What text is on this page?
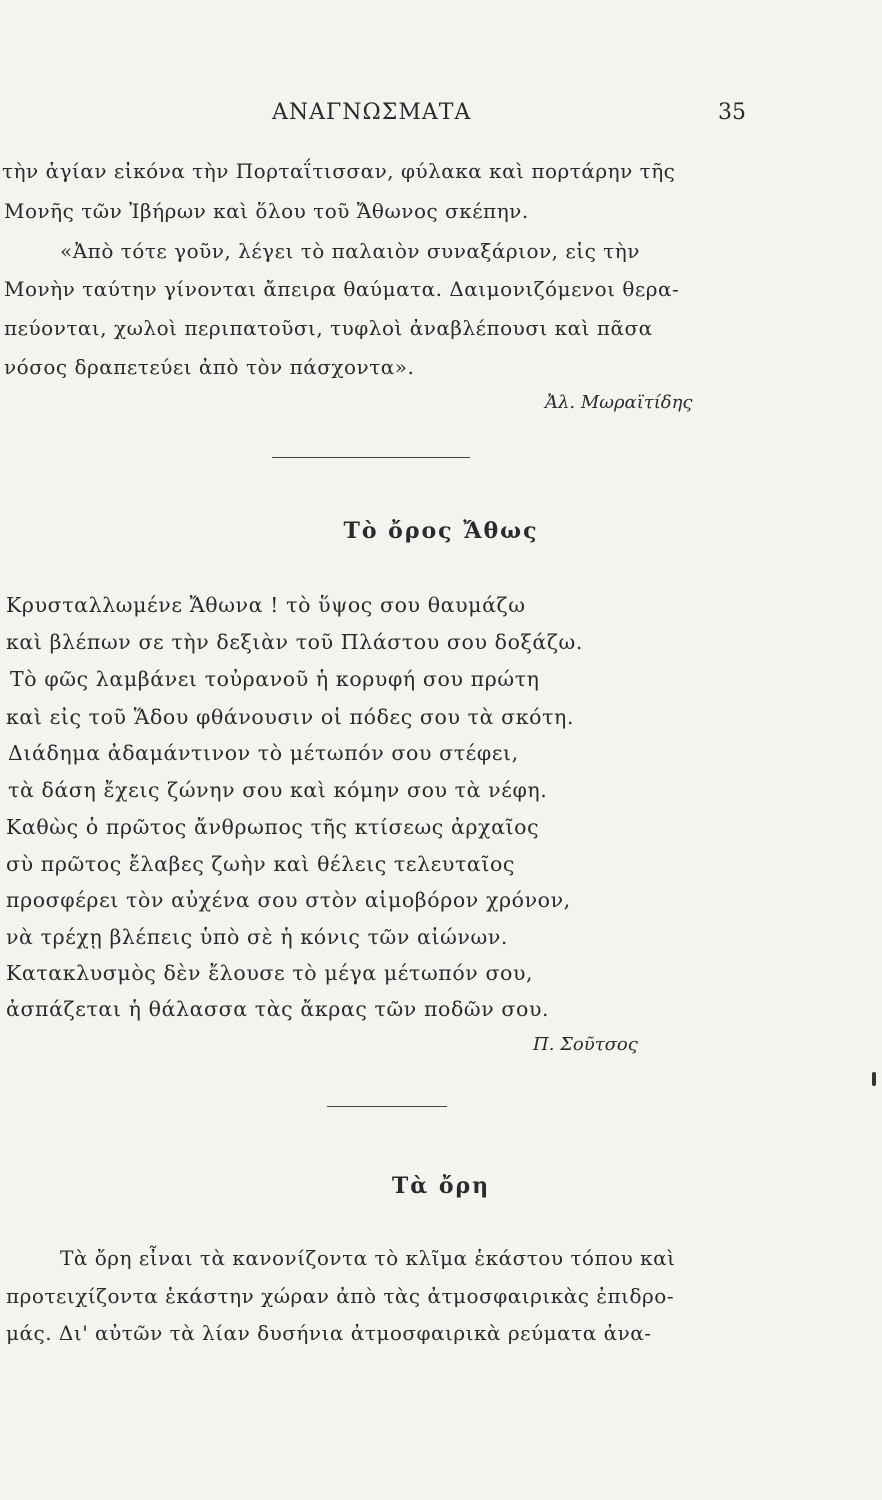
ΑΝΑΓΝΩΣΜΑΤΑ	35
τὴν ἁγίαν εἰκόνα τὴν Πορταΐτισσαν, φύλακα καὶ πορτάρην τῆς
Μονῆς τῶν Ἰβήρων καὶ ὅλου τοῦ Ἄθωνος σκέπην.
«Ἀπὸ τότε γοῦν, λέγει τὸ παλαιὸν συναξάριον, εἰς τὴν
Μονὴν ταύτην γίνονται ἄπειρα θαύματα. Δαιμονιζόμενοι θερα-
πεύονται, χωλοὶ περιπατοῦσι, τυφλοὶ ἀναβλέπουσι καὶ πᾶσα
νόσος δραπετεύει ἀπὸ τὸν πάσχοντα».
Ἀλ. Μωραϊτίδης
Τὸ ὄρος Ἄθως
Κρυσταλλωμένε Ἄθωνα ! τὸ ὕψος σου θαυμάζω
καὶ βλέπων σε τὴν δεξιὰν τοῦ Πλάστου σου δοξάζω.
Τὸ φῶς λαμβάνει τοὐρανοῦ ἡ κορυφή σου πρώτη
καὶ εἰς τοῦ Ἅδου φθάνουσιν οἱ πόδες σου τὰ σκότη.
Διάδημα ἀδαμάντινον τὸ μέτωπόν σου στέφει,
τὰ δάση ἔχεις ζώνην σου καὶ κόμην σου τὰ νέφη.
Καθὼς ὁ πρῶτος ἄνθρωπος τῆς κτίσεως ἀρχαῖος
σὺ πρῶτος ἔλαβες ζωὴν καὶ θέλεις τελευταῖος
προσφέρει τὸν αὐχένα σου στὸν αἱμοβόρον χρόνον,
νὰ τρέχῃ βλέπεις ὑπὸ σὲ ἡ κόνις τῶν αἰώνων.
Κατακλυσμὸς δὲν ἔλουσε τὸ μέγα μέτωπόν σου,
ἀσπάζεται ἡ θάλασσα τὰς ἄκρας τῶν ποδῶν σου.
Π. Σοῦτσος
Τὰ ὄρη
Τὰ ὄρη εἶναι τὰ κανονίζοντα τὸ κλῖμα ἑκάστου τόπου καὶ
προτειχίζοντα ἑκάστην χώραν ἀπὸ τὰς ἀτμοσφαιρικὰς ἐπιδρο-
μάς. Δι' αὐτῶν τὰ λίαν δυσήνια ἀτμοσφαιρικὰ ρεύματα ἀνα-
